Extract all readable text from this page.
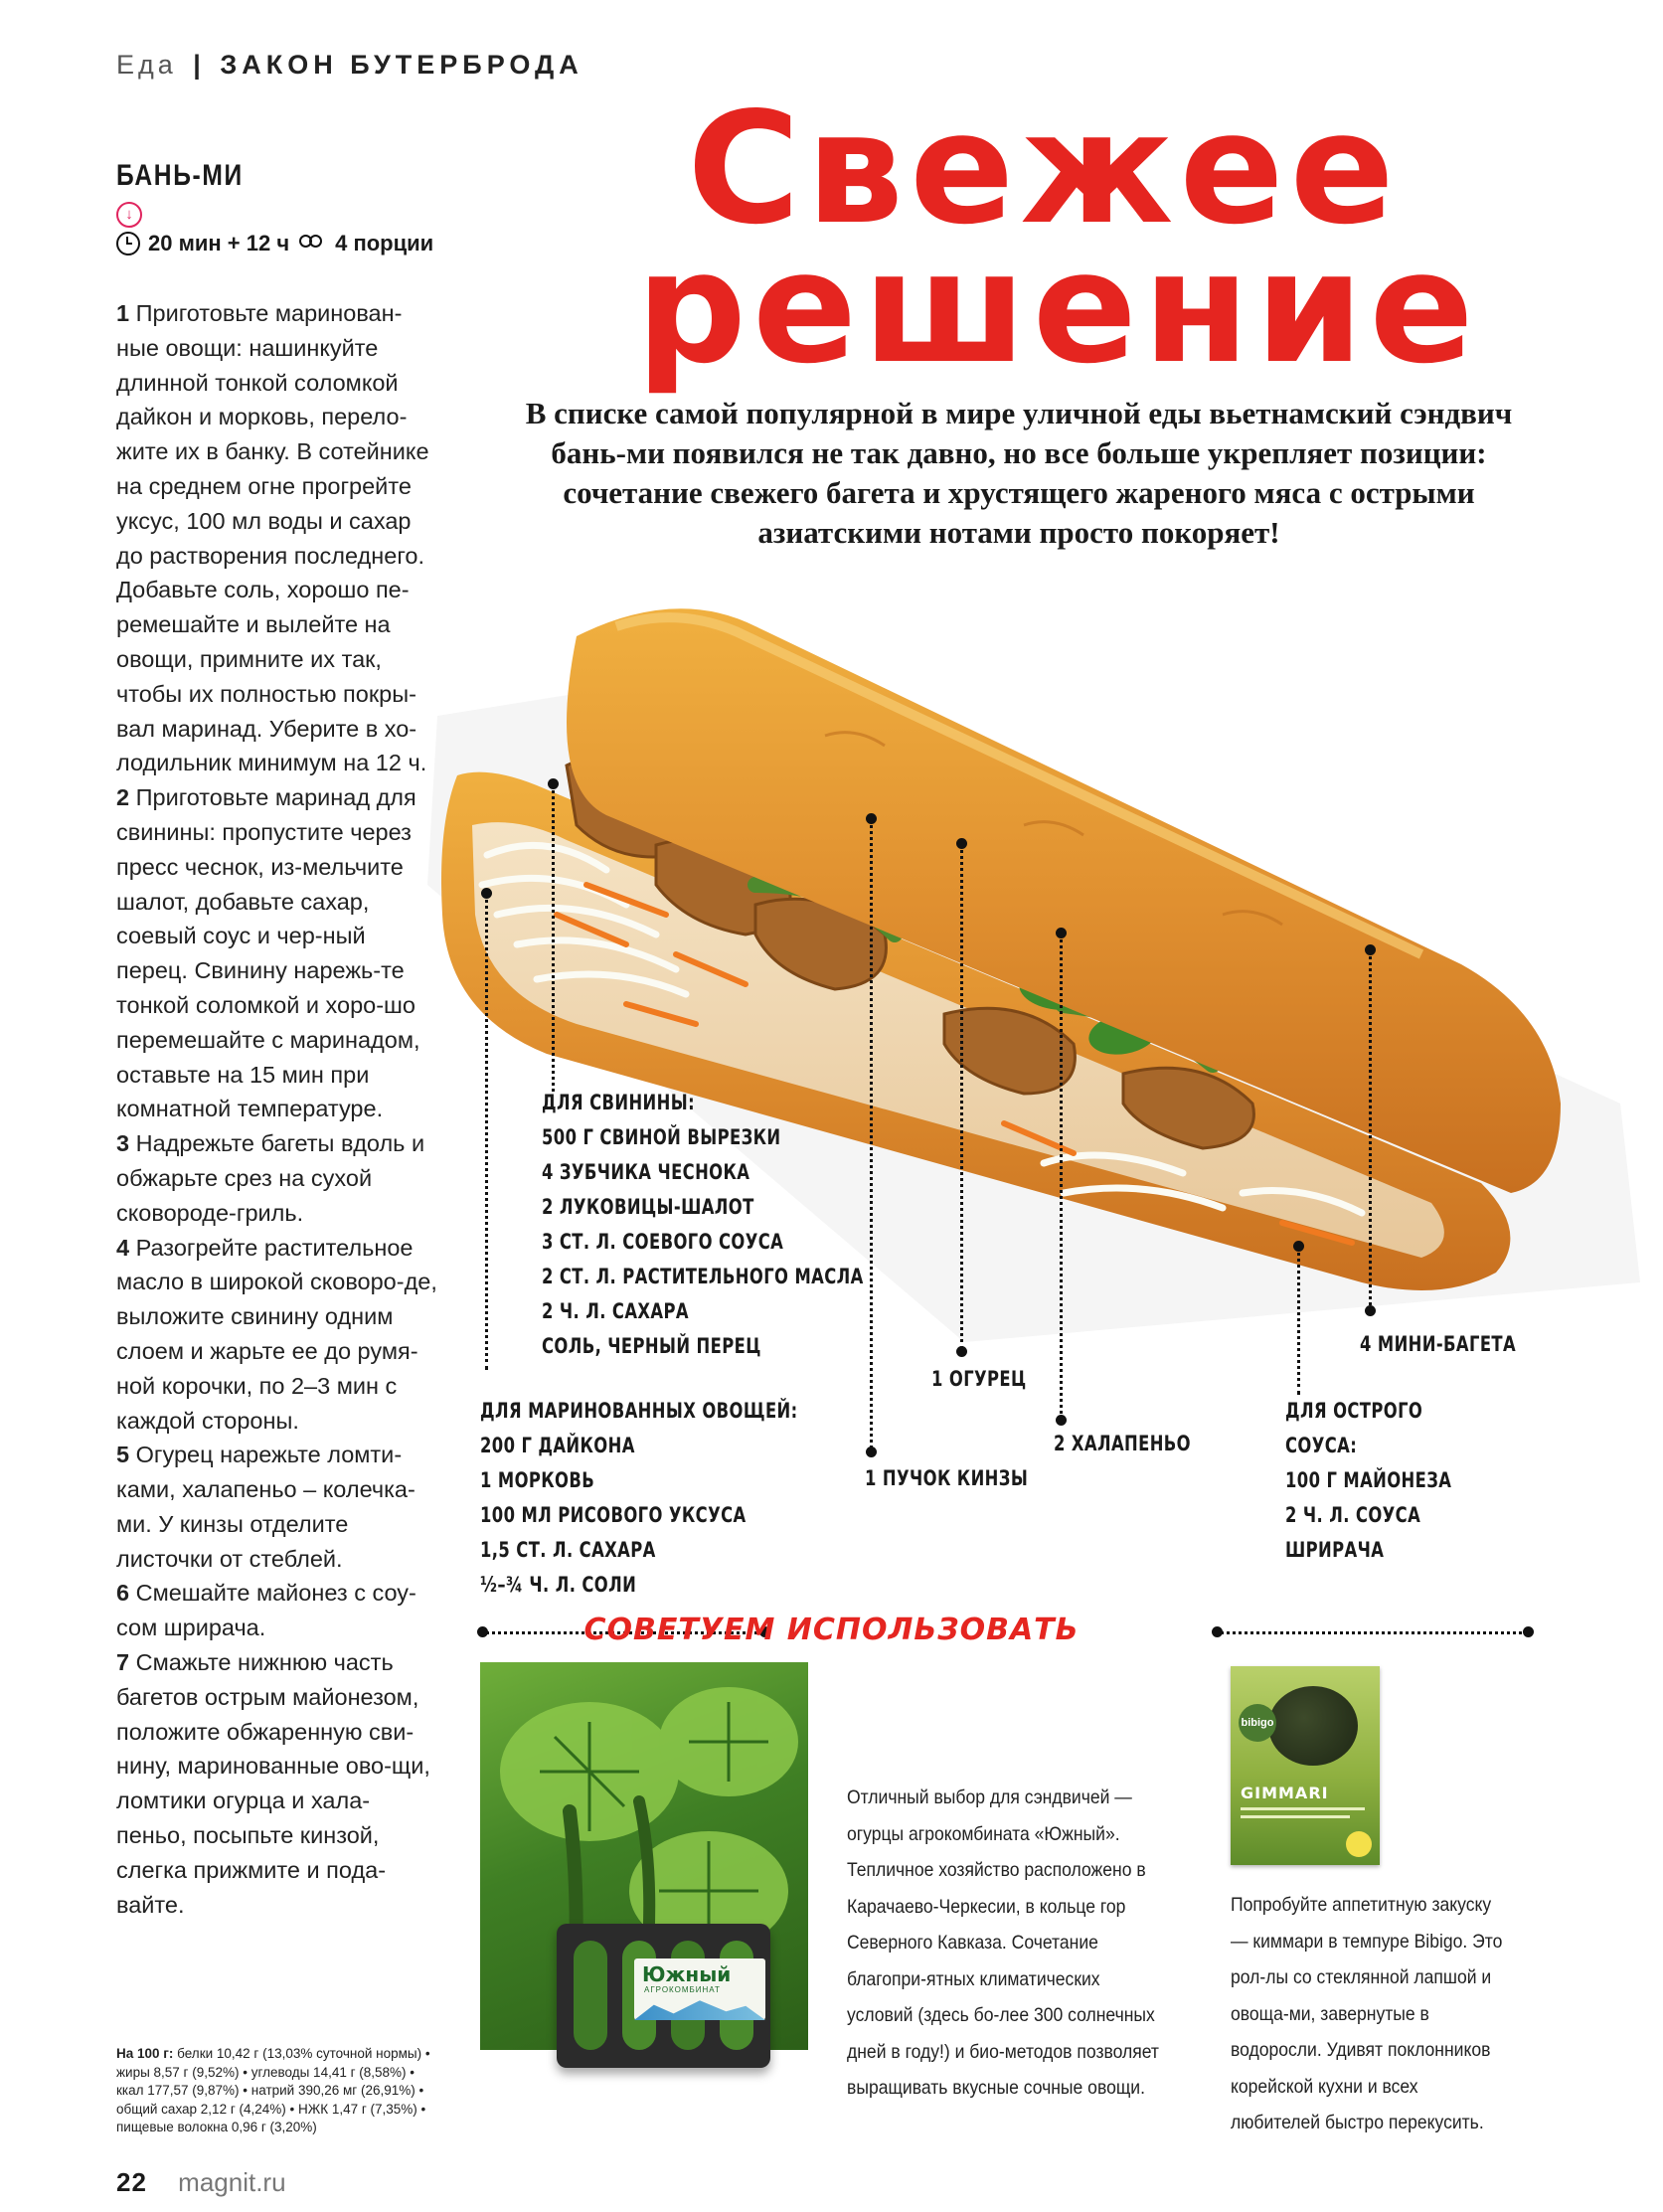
Еда | ЗАКОН БУТЕРБРОДА
БАНЬ-МИ
↓
20 мин + 12 ч 4 порции
1 Приготовьте маринован-ные овощи: нашинкуйте длинной тонкой соломкой дайкон и морковь, перело-жите их в банку. В сотейнике на среднем огне прогрейте уксус, 100 мл воды и сахар до растворения последнего. Добавьте соль, хорошо пе-ремешайте и вылейте на овощи, примните их так, чтобы их полностью покры-вал маринад. Уберите в хо-лодильник минимум на 12 ч.
2 Приготовьте маринад для свинины: пропустите через пресс чеснок, из-мельчите шалот, добавьте сахар, соевый соус и чер-ный перец. Свинину нарежь-те тонкой соломкой и хоро-шо перемешайте с маринадом, оставьте на 15 мин при комнатной температуре.
3 Надрежьте багеты вдоль и обжарьте срез на сухой сковороде-гриль.
4 Разогрейте растительное масло в широкой сковоро-де, выложите свинину одним слоем и жарьте ее до румя-ной корочки, по 2–3 мин с каждой стороны.
5 Огурец нарежьте ломти-ками, халапеньо – колечка-ми. У кинзы отделите листочки от стеблей.
6 Смешайте майонез с соу-сом шрирача.
7 Смажьте нижнюю часть багетов острым майонезом, положите обжаренную сви-нину, маринованные ово-щи, ломтики огурца и хала-пеньо, посыпьте кинзой, слегка прижмите и пода-вайте.
На 100 г: белки 10,42 г (13,03% суточной нормы) • жиры 8,57 г (9,52%) • углеводы 14,41 г (8,58%) • ккал 177,57 (9,87%) • натрий 390,26 мг (26,91%) • общий сахар 2,12 г (4,24%) • НЖК 1,47 г (7,35%) • пищевые волокна 0,96 г (3,20%)
Свежее
решение
В списке самой популярной в мире уличной еды вьетнамский сэндвич бань-ми появился не так давно, но все больше укрепляет позиции: сочетание свежего багета и хрустящего жареного мяса с острыми азиатскими нотами просто покоряет!
ДЛЯ СВИНИНЫ:
500 Г СВИНОЙ ВЫРЕЗКИ
4 ЗУБЧИКА ЧЕСНОКА
2 ЛУКОВИЦЫ-ШАЛОТ
3 СТ. Л. СОЕВОГО СОУСА
2 СТ. Л. РАСТИТЕЛЬНОГО МАСЛА
2 Ч. Л. САХАРА
СОЛЬ, ЧЕРНЫЙ ПЕРЕЦ
ДЛЯ МАРИНОВАННЫХ ОВОЩЕЙ:
200 Г ДАЙКОНА
1 МОРКОВЬ
100 МЛ РИСОВОГО УКСУСА
1,5 СТ. Л. САХАРА
½–¾ Ч. Л. СОЛИ
1 ОГУРЕЦ
1 ПУЧОК КИНЗЫ
2 ХАЛАПЕНЬО
4 МИНИ-БАГЕТА
ДЛЯ ОСТРОГО
СОУСА:
100 Г МАЙОНЕЗА
2 Ч. Л. СОУСА
ШРИРАЧА
СОВЕТУЕМ ИСПОЛЬЗОВАТЬ
Южный
АГРОКОМБИНАТ
Отличный выбор для сэндвичей — огурцы агрокомбината «Южный». Тепличное хозяйство расположено в Карачаево-Черкесии, в кольце гор Северного Кавказа. Сочетание благопри-ятных климатических условий (здесь бо-лее 300 солнечных дней в году!) и био-методов позволяет выращивать вкусные сочные овощи.
bibigo
GIMMARI
Попробуйте аппетитную закуску — киммари в темпуре Bibigo. Это рол-лы со стеклянной лапшой и овоща-ми, завернутые в водоросли. Удивят поклонников корейской кухни и всех любителей быстро перекусить.
22 magnit.ru
